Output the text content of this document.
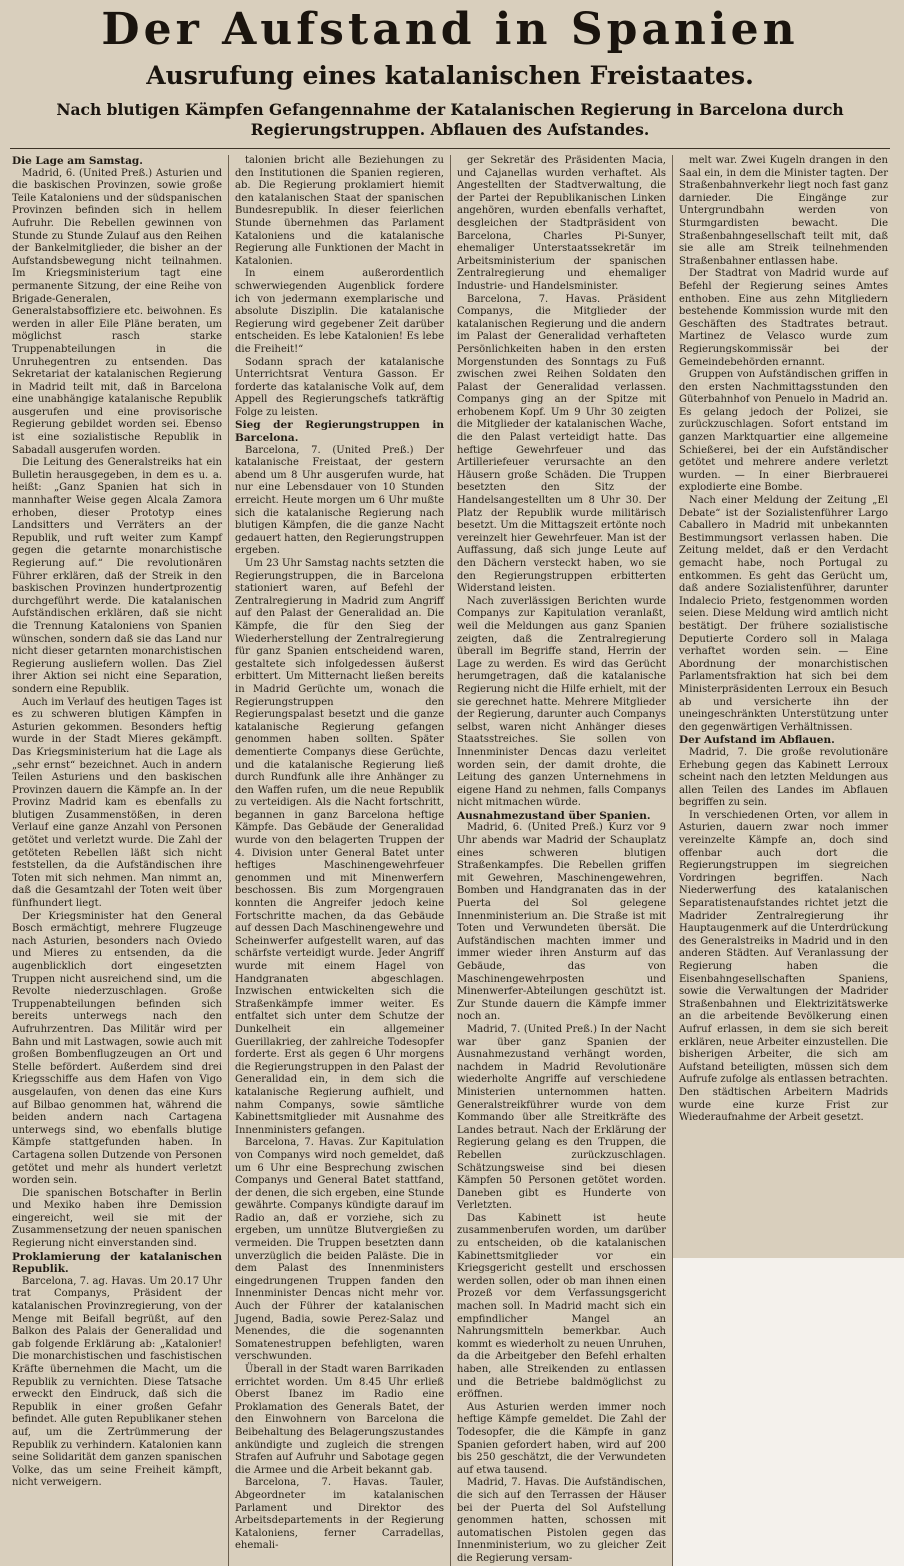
Der Aufstand in Spanien
Ausrufung eines katalanischen Freistaates.
Nach blutigen Kämpfen Gefangennahme der Katalanischen Regierung in Barcelona durch Regierungstruppen. Abflauen des Aufstandes.

Die Lage am Samstag.

Madrid, 6. (United Preß.) Asturien und die baskischen Provinzen, sowie große Teile Kataloniens und der südspanischen Provinzen befinden sich in hellem Aufruhr. Die Rebellen gewinnen von Stunde zu Stunde Zulauf aus den Reihen der Bankelmitglieder, die bisher an der Aufstandsbewegung nicht teilnahmen. Im Kriegsministerium tagt eine permanente Sitzung, der eine Reihe von Brigade-Generalen, Generalstabsoffiziere etc. beiwohnen. Es werden in aller Eile Pläne beraten, um möglichst rasch starke Truppenabteilungen in die Unruhegentren zu entsenden. Das Sekretariat der katalanischen Regierung in Madrid teilt mit, daß in Barcelona eine unabhängige katalanische Republik ausgerufen und eine provisorische Regierung gebildet worden sei. Ebenso ist eine sozialistische Republik in Sabadall ausgerufen worden.

Die Leitung des Generalstreiks hat ein Bulletin herausgegeben, in dem es u. a. heißt: „Ganz Spanien hat sich in mannhafter Weise gegen Alcala Zamora erhoben, dieser Prototyp eines Landsitters und Verräters an der Republik, und ruft weiter zum Kampf gegen die getarnte monarchistische Regierung auf.“ Die revolutionären Führer erklären, daß der Streik in den baskischen Provinzen hundertprozentig durchgeführt werde. Die katalanischen Aufständischen erklären, daß sie nicht die Trennung Kataloniens von Spanien wünschen, sondern daß sie das Land nur nicht dieser getarnten monarchistischen Regierung ausliefern wollen. Das Ziel ihrer Aktion sei nicht eine Separation, sondern eine Republik.

Auch im Verlauf des heutigen Tages ist es zu schweren blutigen Kämpfen in Asturien gekommen. Besonders heftig wurde in der Stadt Mieres gekämpft. Das Kriegsministerium hat die Lage als „sehr ernst“ bezeichnet. Auch in andern Teilen Asturiens und den baskischen Provinzen dauern die Kämpfe an. In der Provinz Madrid kam es ebenfalls zu blutigen Zusammenstößen, in deren Verlauf eine ganze Anzahl von Personen getötet und verletzt wurde. Die Zahl der getöteten Rebellen läßt sich nicht feststellen, da die Aufständischen ihre Toten mit sich nehmen. Man nimmt an, daß die Gesamtzahl der Toten weit über fünfhundert liegt.

Der Kriegsminister hat den General Bosch ermächtigt, mehrere Flugzeuge nach Asturien, besonders nach Oviedo und Mieres zu entsenden, da die augenblicklich dort eingesetzten Truppen nicht ausreichend sind, um die Revolte niederzuschlagen. Große Truppenabteilungen befinden sich bereits unterwegs nach den Aufruhrzentren. Das Militär wird per Bahn und mit Lastwagen, sowie auch mit großen Bombenflugzeugen an Ort und Stelle befördert. Außerdem sind drei Kriegsschiffe aus dem Hafen von Vigo ausgelaufen, von denen das eine Kurs auf Bilbao genommen hat, während die beiden andern nach Cartagena unterwegs sind, wo ebenfalls blutige Kämpfe stattgefunden haben. In Cartagena sollen Dutzende von Personen getötet und mehr als hundert verletzt worden sein.

Die spanischen Botschafter in Berlin und Mexiko haben ihre Demission eingereicht, weil sie mit der Zusammensetzung der neuen spanischen Regierung nicht einverstanden sind.

Proklamierung der katalanischen Republik.

Barcelona, 7. ag. Havas. Um 20.17 Uhr trat Companys, Präsident der katalanischen Provinzregierung, von der Menge mit Beifall begrüßt, auf den Balkon des Palais der Generalidad und gab folgende Erklärung ab: „Katalonier! Die monarchistischen und faschistischen Kräfte übernehmen die Macht, um die Republik zu vernichten. Diese Tatsache erweckt den Eindruck, daß sich die Republik in einer großen Gefahr befindet. Alle guten Republikaner stehen auf, um die Zertrümmerung der Republik zu verhindern. Katalonien kann seine Solidarität dem ganzen spanischen Volke, das um seine Freiheit kämpft, nicht verweigern.

talonien bricht alle Beziehungen zu den Institutionen die Spanien regieren, ab. Die Regierung proklamiert hiemit den katalanischen Staat der spanischen Bundesrepublik. In dieser feierlichen Stunde übernehmen das Parlament Kataloniens und die katalanische Regierung alle Funktionen der Macht in Katalonien.

In einem außerordentlich schwerwiegenden Augenblick fordere ich von jedermann exemplarische und absolute Disziplin. Die katalanische Regierung wird gegebener Zeit darüber entscheiden. Es lebe Katalonien! Es lebe die Freiheit!“

Sodann sprach der katalanische Unterrichtsrat Ventura Gasson. Er forderte das katalanische Volk auf, dem Appell des Regierungschefs tatkräftig Folge zu leisten.

Sieg der Regierungstruppen in Barcelona.

Barcelona, 7. (United Preß.) Der katalanische Freistaat, der gestern abend um 8 Uhr ausgerufen wurde, hat nur eine Lebensdauer von 10 Stunden erreicht. Heute morgen um 6 Uhr mußte sich die katalanische Regierung nach blutigen Kämpfen, die die ganze Nacht gedauert hatten, den Regierungstruppen ergeben.

Um 23 Uhr Samstag nachts setzten die Regierungstruppen, die in Barcelona stationiert waren, auf Befehl der Zentralregierung in Madrid zum Angriff auf den Palast der Generalidad an. Die Kämpfe, die für den Sieg der Wiederherstellung der Zentralregierung für ganz Spanien entscheidend waren, gestaltete sich infolgedessen äußerst erbittert. Um Mitternacht ließen bereits in Madrid Gerüchte um, wonach die Regierungstruppen den Regierungspalast besetzt und die ganze katalanische Regierung gefangen genommen haben sollten. Später dementierte Companys diese Gerüchte, und die katalanische Regierung ließ durch Rundfunk alle ihre Anhänger zu den Waffen rufen, um die neue Republik zu verteidigen. Als die Nacht fortschritt, begannen in ganz Barcelona heftige Kämpfe. Das Gebäude der Generalidad wurde von den belagerten Truppen der 4. Division unter General Batet unter heftiges Maschinengewehrfeuer genommen und mit Minenwerfern beschossen. Bis zum Morgengrauen konnten die Angreifer jedoch keine Fortschritte machen, da das Gebäude auf dessen Dach Maschinengewehre und Scheinwerfer aufgestellt waren, auf das schärfste verteidigt wurde. Jeder Angriff wurde mit einem Hagel von Handgranaten abgeschlagen. Inzwischen entwickelten sich die Straßenkämpfe immer weiter. Es entfaltet sich unter dem Schutze der Dunkelheit ein allgemeiner Guerillakrieg, der zahlreiche Todesopfer forderte. Erst als gegen 6 Uhr morgens die Regierungstruppen in den Palast der Generalidad ein, in dem sich die katalanische Regierung aufhielt, und nahm Companys, sowie sämtliche Kabinettsmitglieder mit Ausnahme des Innenministers gefangen.

Barcelona, 7. Havas. Zur Kapitulation von Companys wird noch gemeldet, daß um 6 Uhr eine Besprechung zwischen Companys und General Batet stattfand, der denen, die sich ergeben, eine Stunde gewährte. Companys kündigte darauf im Radio an, daß er vorziehe, sich zu ergeben, um unnütze Blutvergießen zu vermeiden. Die Truppen besetzten dann unverzüglich die beiden Paläste. Die in dem Palast des Innenministers eingedrungenen Truppen fanden den Innenminister Dencas nicht mehr vor. Auch der Führer der katalanischen Jugend, Badia, sowie Perez-Salaz und Menendes, die die sogenannten Somatenestruppen befehligten, waren verschwunden.

Überall in der Stadt waren Barrikaden errichtet worden. Um 8.45 Uhr erließ Oberst Ibanez im Radio eine Proklamation des Generals Batet, der den Einwohnern von Barcelona die Beibehaltung des Belagerungszustandes ankündigte und zugleich die strengen Strafen auf Aufruhr und Sabotage gegen die Armee und die Arbeit bekannt gab.

Barcelona, 7. Havas. Tauler, Abgeordneter im katalanischen Parlament und Direktor des Arbeitsdepartements in der Regierung Kataloniens, ferner Carradellas, ehemali-

ger Sekretär des Präsidenten Macia, und Cajanellas wurden verhaftet. Als Angestellten der Stadtverwaltung, die der Partei der Republikanischen Linken angehören, wurden ebenfalls verhaftet, desgleichen der Stadtpräsident von Barcelona, Charles Pi-Sunyer, ehemaliger Unterstaatssekretär im Arbeitsministerium der spanischen Zentralregierung und ehemaliger Industrie- und Handelsminister.

Barcelona, 7. Havas. Präsident Companys, die Mitglieder der katalanischen Regierung und die andern im Palast der Generalidad verhafteten Persönlichkeiten haben in den ersten Morgenstunden des Sonntags zu Fuß zwischen zwei Reihen Soldaten den Palast der Generalidad verlassen. Companys ging an der Spitze mit erhobenem Kopf. Um 9 Uhr 30 zeigten die Mitglieder der katalanischen Wache, die den Palast verteidigt hatte. Das heftige Gewehrfeuer und das Artilleriefeuer verursachte an den Häusern große Schäden. Die Truppen besetzten den Sitz der Handelsangestellten um 8 Uhr 30. Der Platz der Republik wurde militärisch besetzt. Um die Mittagszeit ertönte noch vereinzelt hier Gewehrfeuer. Man ist der Auffassung, daß sich junge Leute auf den Dächern versteckt haben, wo sie den Regierungstruppen erbitterten Widerstand leisten.

Nach zuverlässigen Berichten wurde Companys zur Kapitulation veranlaßt, weil die Meldungen aus ganz Spanien zeigten, daß die Zentralregierung überall im Begriffe stand, Herrin der Lage zu werden. Es wird das Gerücht herumgetragen, daß die katalanische Regierung nicht die Hilfe erhielt, mit der sie gerechnet hatte. Mehrere Mitglieder der Regierung, darunter auch Companys selbst, waren nicht Anhänger dieses Staatsstreiches. Sie sollen von Innenminister Dencas dazu verleitet worden sein, der damit drohte, die Leitung des ganzen Unternehmens in eigene Hand zu nehmen, falls Companys nicht mitmachen würde.

Ausnahmezustand über Spanien.

Madrid, 6. (United Preß.) Kurz vor 9 Uhr abends war Madrid der Schauplatz eines schweren blutigen Straßenkampfes. Die Rebellen griffen mit Gewehren, Maschinengewehren, Bomben und Handgranaten das in der Puerta del Sol gelegene Innenministerium an. Die Straße ist mit Toten und Verwundeten übersät. Die Aufständischen machten immer und immer wieder ihren Ansturm auf das Gebäude, das von Maschinengewehrposten und Minenwerfer-Abteilungen geschützt ist. Zur Stunde dauern die Kämpfe immer noch an.

Madrid, 7. (United Preß.) In der Nacht war über ganz Spanien der Ausnahmezustand verhängt worden, nachdem in Madrid Revolutionäre wiederholte Angriffe auf verschiedene Ministerien unternommen hatten. Generalstreikführer wurde von dem Kommando über alle Streitkräfte des Landes betraut. Nach der Erklärung der Regierung gelang es den Truppen, die Rebellen zurückzuschlagen. Schätzungsweise sind bei diesen Kämpfen 50 Personen getötet worden. Daneben gibt es Hunderte von Verletzten.

Das Kabinett ist heute zusammenberufen worden, um darüber zu entscheiden, ob die katalanischen Kabinettsmitglieder vor ein Kriegsgericht gestellt und erschossen werden sollen, oder ob man ihnen einen Prozeß vor dem Verfassungsgericht machen soll. In Madrid macht sich ein empfindlicher Mangel an Nahrungsmitteln bemerkbar. Auch kommt es wiederholt zu neuen Unruhen, da die Arbeitgeber den Befehl erhalten haben, alle Streikenden zu entlassen und die Betriebe baldmöglichst zu eröffnen.

Aus Asturien werden immer noch heftige Kämpfe gemeldet. Die Zahl der Todesopfer, die die Kämpfe in ganz Spanien gefordert haben, wird auf 200 bis 250 geschätzt, die der Verwundeten auf etwa tausend.

Madrid, 7. Havas. Die Aufständischen, die sich auf den Terrassen der Häuser bei der Puerta del Sol Aufstellung genommen hatten, schossen mit automatischen Pistolen gegen das Innenministerium, wo zu gleicher Zeit die Regierung versam-

melt war. Zwei Kugeln drangen in den Saal ein, in dem die Minister tagten. Der Straßenbahnverkehr liegt noch fast ganz darnieder. Die Eingänge zur Untergrundbahn werden von Sturmgardisten bewacht. Die Straßenbahngesellschaft teilt mit, daß sie alle am Streik teilnehmenden Straßenbahner entlassen habe.

Der Stadtrat von Madrid wurde auf Befehl der Regierung seines Amtes enthoben. Eine aus zehn Mitgliedern bestehende Kommission wurde mit den Geschäften des Stadtrates betraut. Martinez de Velasco wurde zum Regierungskommissär bei der Gemeindebehörden ernannt.

Gruppen von Aufständischen griffen in den ersten Nachmittagsstunden den Güterbahnhof von Penuelo in Madrid an. Es gelang jedoch der Polizei, sie zurückzuschlagen. Sofort entstand im ganzen Marktquartier eine allgemeine Schießerei, bei der ein Aufständischer getötet und mehrere andere verletzt wurden. — In einer Bierbrauerei explodierte eine Bombe.

Nach einer Meldung der Zeitung „El Debate“ ist der Sozialistenführer Largo Caballero in Madrid mit unbekannten Bestimmungsort verlassen haben. Die Zeitung meldet, daß er den Verdacht gemacht habe, noch Portugal zu entkommen. Es geht das Gerücht um, daß andere Sozialistenführer, darunter Indalecio Prieto, festgenommen worden seien. Diese Meldung wird amtlich nicht bestätigt. Der frühere sozialistische Deputierte Cordero soll in Malaga verhaftet worden sein. — Eine Abordnung der monarchistischen Parlamentsfraktion hat sich bei dem Ministerpräsidenten Lerroux ein Besuch ab und versicherte ihn der uneingeschränkten Unterstützung unter den gegenwärtigen Verhältnissen.

Der Aufstand im Abflauen.

Madrid, 7. Die große revolutionäre Erhebung gegen das Kabinett Lerroux scheint nach den letzten Meldungen aus allen Teilen des Landes im Abflauen begriffen zu sein.

In verschiedenen Orten, vor allem in Asturien, dauern zwar noch immer vereinzelte Kämpfe an, doch sind offenbar auch dort die Regierungstruppen im siegreichen Vordringen begriffen. Nach Niederwerfung des katalanischen Separatistenaufstandes richtet jetzt die Madrider Zentralregierung ihr Hauptaugenmerk auf die Unterdrückung des Generalstreiks in Madrid und in den anderen Städten. Auf Veranlassung der Regierung haben die Eisenbahngesellschaften Spaniens, sowie die Verwaltungen der Madrider Straßenbahnen und Elektrizitätswerke an die arbeitende Bevölkerung einen Aufruf erlassen, in dem sie sich bereit erklären, neue Arbeiter einzustellen. Die bisherigen Arbeiter, die sich am Aufstand beteiligten, müssen sich dem Aufrufe zufolge als entlassen betrachten. Den städtischen Arbeitern Madrids wurde eine kurze Frist zur Wiederaufnahme der Arbeit gesetzt.
